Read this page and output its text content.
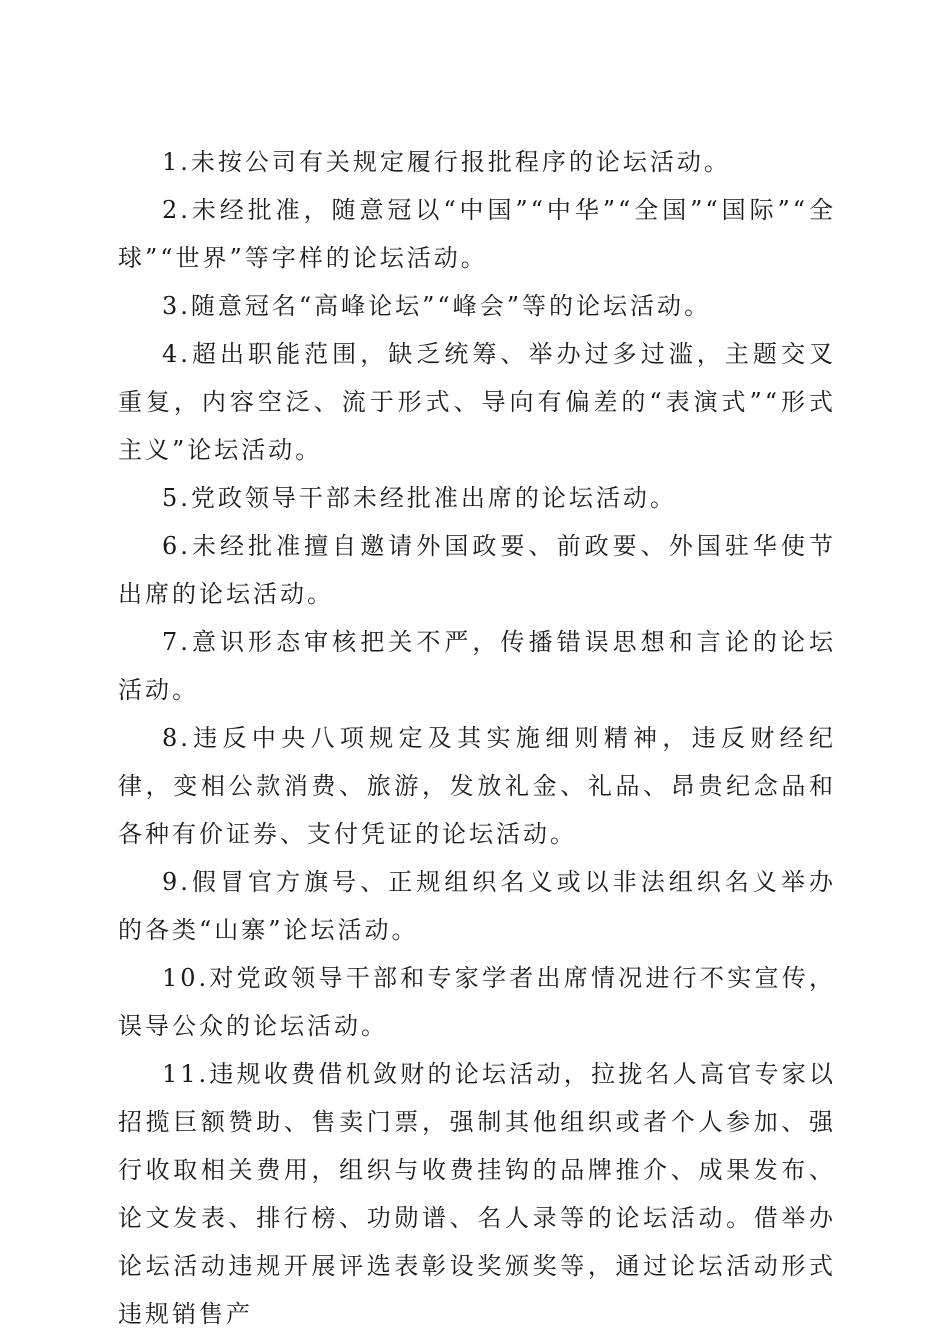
1.未按公司有关规定履行报批程序的论坛活动。

2.未经批准，随意冠以“中国”“中华”“全国”“国际”“全球”“世界”等字样的论坛活动。

3.随意冠名“高峰论坛”“峰会”等的论坛活动。

4.超出职能范围，缺乏统筹、举办过多过滥，主题交叉重复，内容空泛、流于形式、导向有偏差的“表演式”“形式主义”论坛活动。

5.党政领导干部未经批准出席的论坛活动。

6.未经批准擅自邀请外国政要、前政要、外国驻华使节出席的论坛活动。

7.意识形态审核把关不严，传播错误思想和言论的论坛活动。

8.违反中央八项规定及其实施细则精神，违反财经纪律，变相公款消费、旅游，发放礼金、礼品、昂贵纪念品和各种有价证券、支付凭证的论坛活动。

9.假冒官方旗号、正规组织名义或以非法组织名义举办的各类“山寨”论坛活动。

10.对党政领导干部和专家学者出席情况进行不实宣传，误导公众的论坛活动。

11.违规收费借机敛财的论坛活动，拉拢名人高官专家以招揽巨额赞助、售卖门票，强制其他组织或者个人参加、强行收取相关费用，组织与收费挂钩的品牌推介、成果发布、论文发表、排行榜、功勋谱、名人录等的论坛活动。借举办论坛活动违规开展评选表彰设奖颁奖等，通过论坛活动形式违规销售产
